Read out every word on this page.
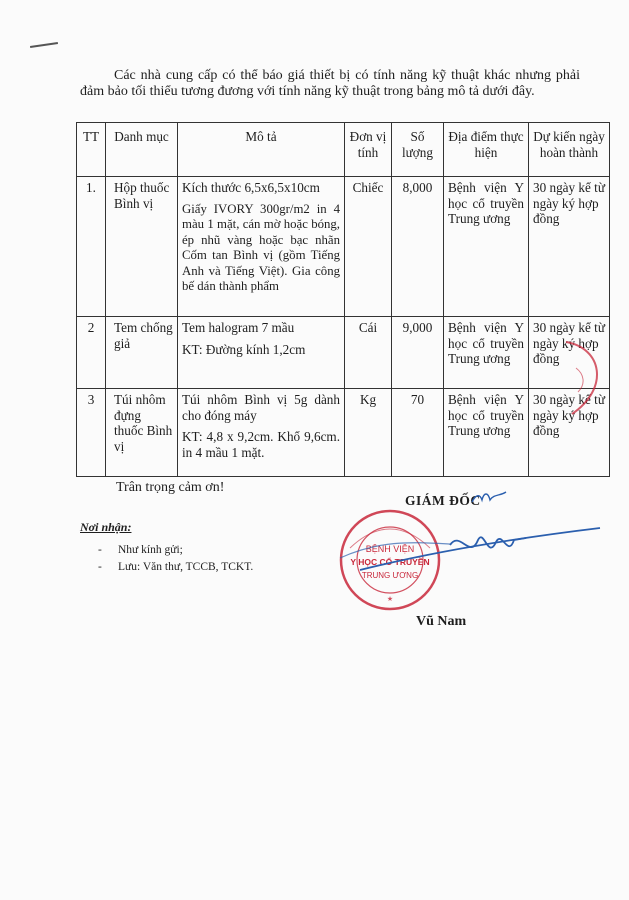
Các nhà cung cấp có thể báo giá thiết bị có tính năng kỹ thuật khác nhưng phải đảm bảo tối thiểu tương đương với tính năng kỹ thuật trong bảng mô tả dưới đây.

TT	Danh mục	Mô tả	Đơn vị tính	Số lượng	Địa điểm thực hiện	Dự kiến ngày hoàn thành
1.	Hộp thuốc Bình vị	Kích thước 6,5x6,5x10cm
Giấy IVORY 300gr/m2 in 4 màu 1 mặt, cán mờ hoặc bóng, ép nhũ vàng hoặc bạc nhãn Cốm tan Bình vị (gồm Tiếng Anh và Tiếng Việt). Gia công bế dán thành phẩm	Chiếc	8,000	Bệnh viện Y học cổ truyền Trung ương	30 ngày kể từ ngày ký hợp đồng
2	Tem chống giả	Tem halogram 7 mầu
KT: Đường kính 1,2cm	Cái	9,000	Bệnh viện Y học cổ truyền Trung ương	30 ngày kể từ ngày ký hợp đồng
3	Túi nhôm đựng thuốc Bình vị	Túi nhôm Bình vị 5g dành cho đóng máy
KT: 4,8 x 9,2cm. Khổ 9,6cm. in 4 mầu 1 mặt.	Kg	70	Bệnh viện Y học cổ truyền Trung ương	30 ngày kể từ ngày ký hợp đồng
Trân trọng cảm ơn!
Nơi nhận:
- Như kính gửi;
- Lưu: Văn thư, TCCB, TCKT.
GIÁM ĐỐC
BỆNH VIỆN
Y HỌC CỔ TRUYỀN
TRUNG ƯƠNG
★
Vũ Nam
